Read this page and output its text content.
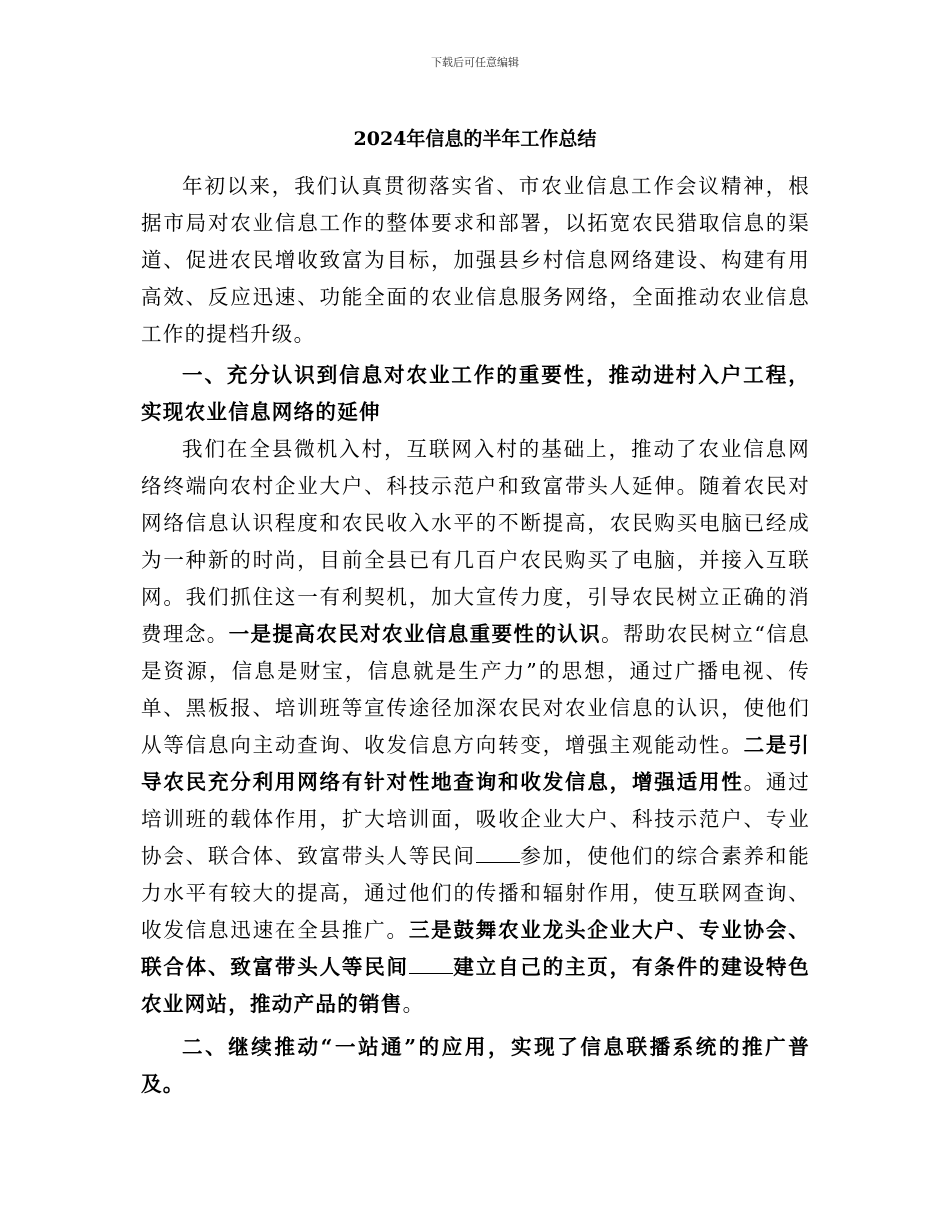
下载后可任意编辑
2024年信息的半年工作总结

年初以来，我们认真贯彻落实省、市农业信息工作会议精神，根据市局对农业信息工作的整体要求和部署，以拓宽农民猎取信息的渠道、促进农民增收致富为目标，加强县乡村信息网络建设、构建有用高效、反应迅速、功能全面的农业信息服务网络，全面推动农业信息工作的提档升级。

一、充分认识到信息对农业工作的重要性，推动进村入户工程，实现农业信息网络的延伸

我们在全县微机入村，互联网入村的基础上，推动了农业信息网络终端向农村企业大户、科技示范户和致富带头人延伸。随着农民对网络信息认识程度和农民收入水平的不断提高，农民购买电脑已经成为一种新的时尚，目前全县已有几百户农民购买了电脑，并接入互联网。我们抓住这一有利契机，加大宣传力度，引导农民树立正确的消费理念。一是提高农民对农业信息重要性的认识。帮助农民树立“信息是资源，信息是财宝，信息就是生产力”的思想，通过广播电视、传单、黑板报、培训班等宣传途径加深农民对农业信息的认识，使他们从等信息向主动查询、收发信息方向转变，增强主观能动性。二是引导农民充分利用网络有针对性地查询和收发信息，增强适用性。通过培训班的载体作用，扩大培训面，吸收企业大户、科技示范户、专业协会、联合体、致富带头人等民间 参加，使他们的综合素养和能力水平有较大的提高，通过他们的传播和辐射作用，使互联网查询、收发信息迅速在全县推广。三是鼓舞农业龙头企业大户、专业协会、联合体、致富带头人等民间 建立自己的主页，有条件的建设特色农业网站，推动产品的销售。

二、继续推动“一站通”的应用，实现了信息联播系统的推广普及。
